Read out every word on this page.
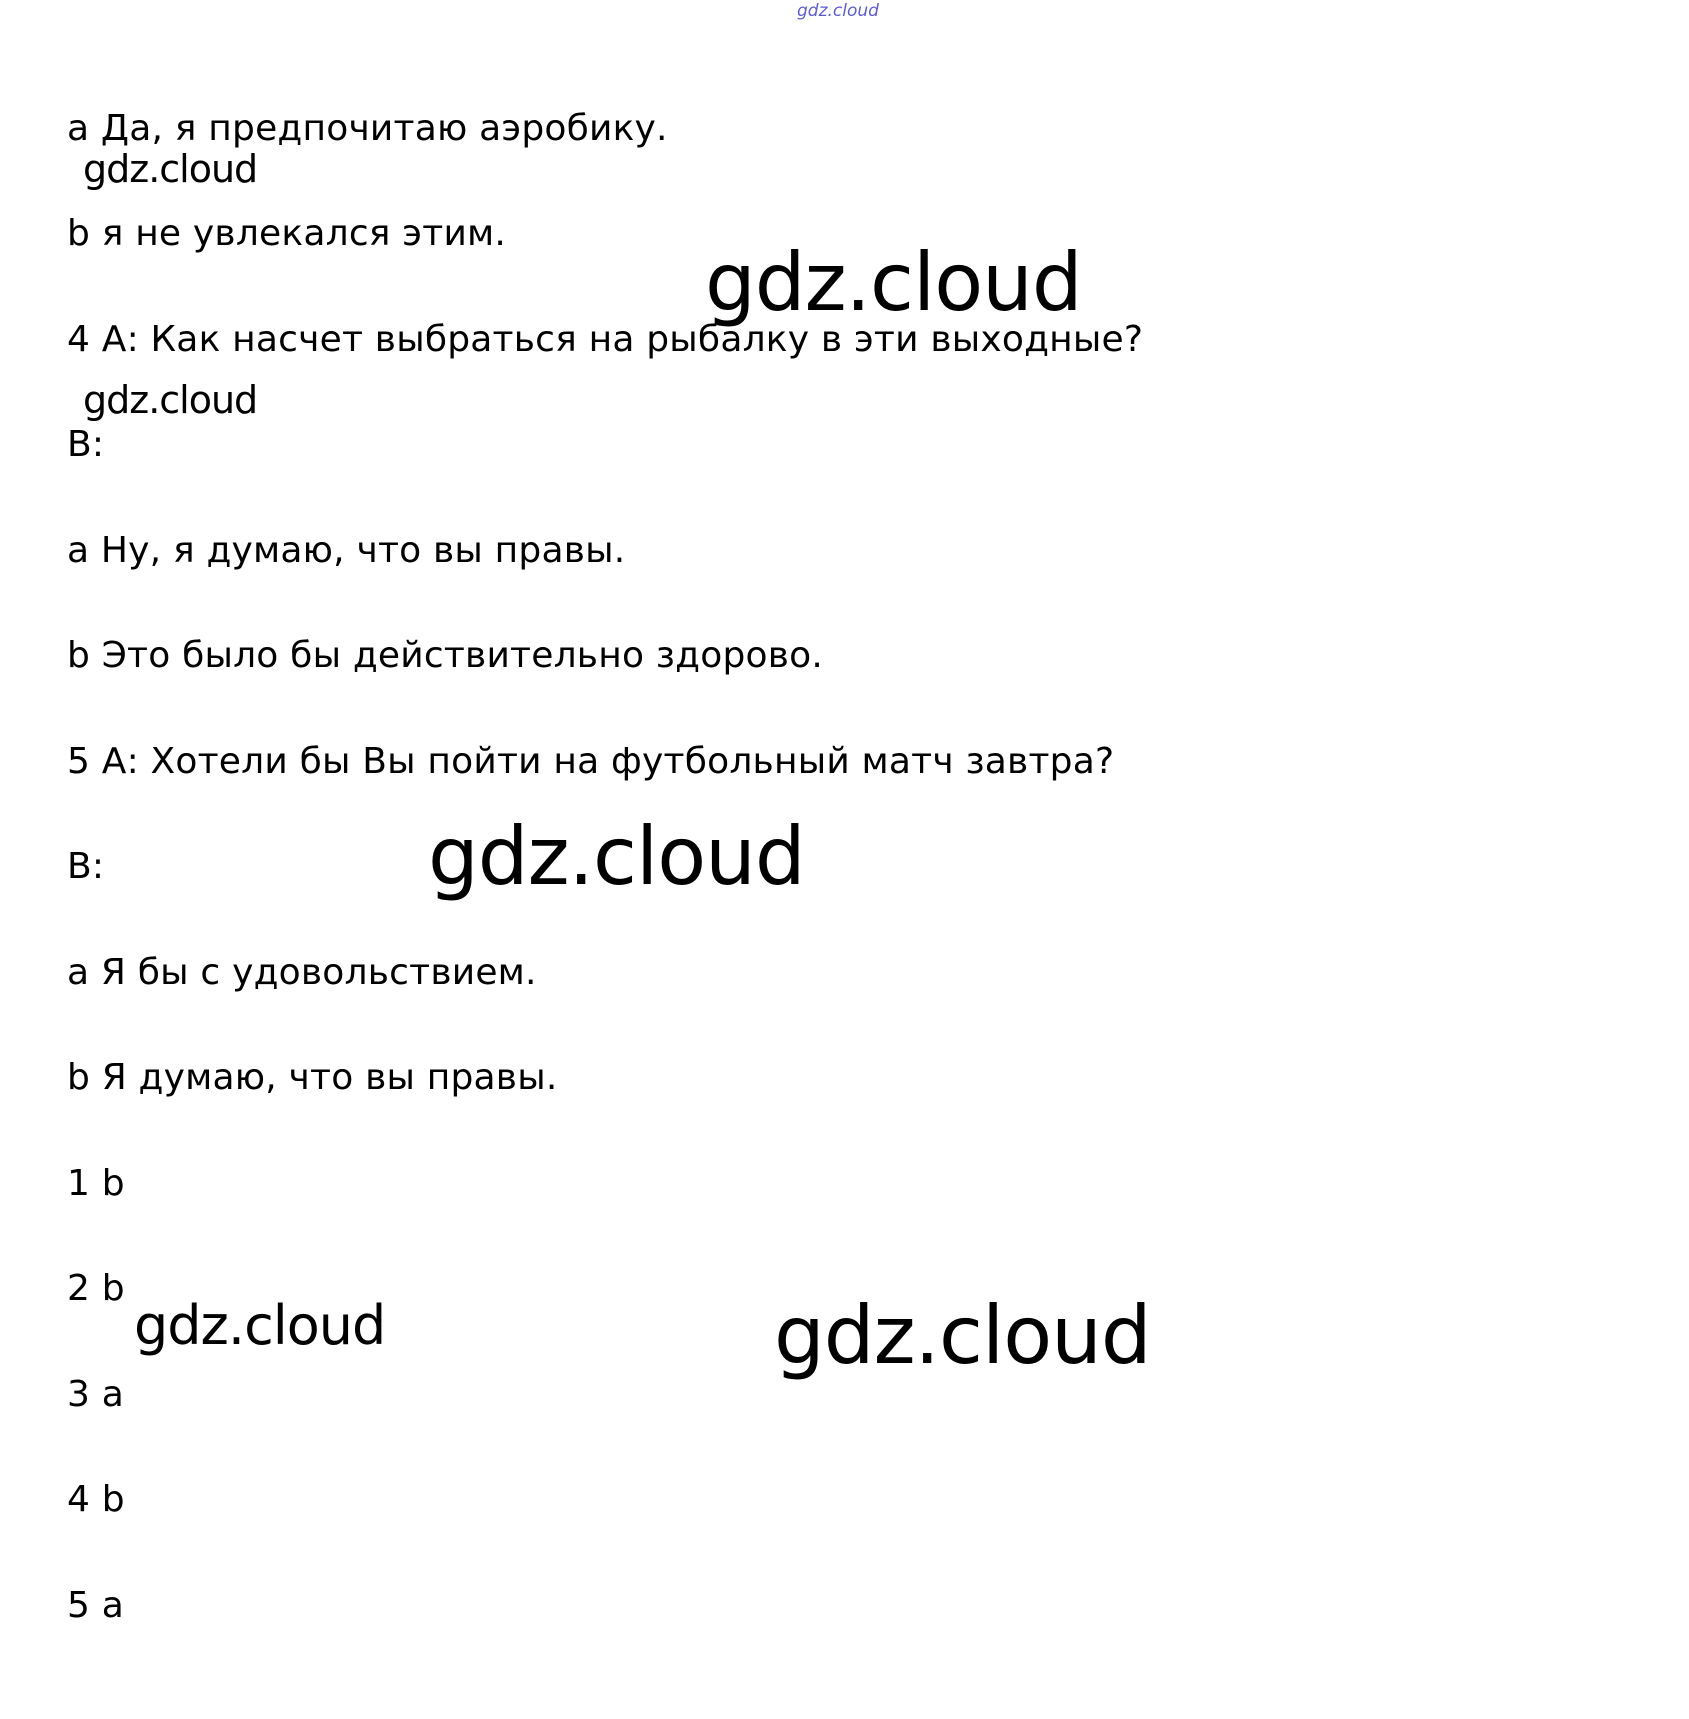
gdz.cloud
a Да, я предпочитаю аэробику.
gdz.cloud
b я не увлекался этим.
gdz.cloud
4 А: Как насчет выбраться на рыбалку в эти выходные?
gdz.cloud
B:
a Ну, я думаю, что вы правы.
b Это было бы действительно здорово.
5 А: Хотели бы Вы пойти на футбольный матч завтра?
B:	gdz.cloud
a Я бы с удовольствием.
b Я думаю, что вы правы.
1 b
2 b
gdz.cloud	gdz.cloud
3 a
4 b
5 a
